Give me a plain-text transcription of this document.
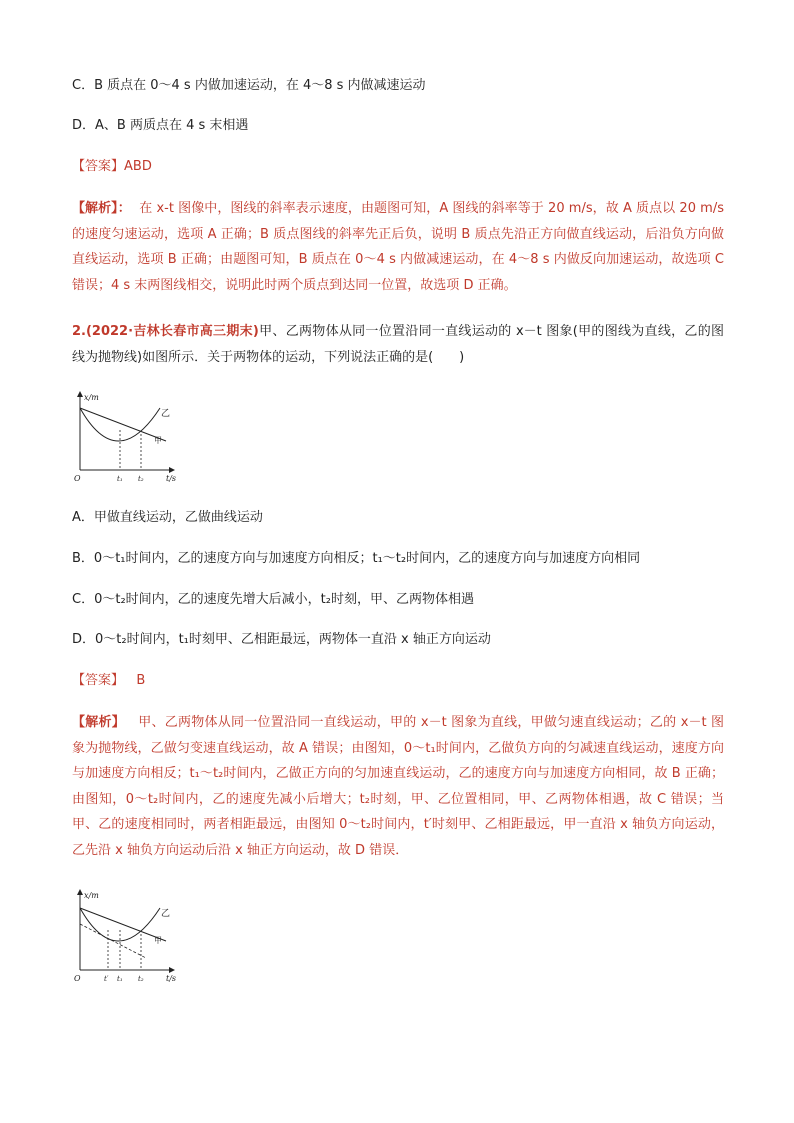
C．B 质点在 0～4 s 内做加速运动，在 4～8 s 内做减速运动
D．A、B 两质点在 4 s 末相遇
【答案】ABD
【解析】： 在 x-t 图像中，图线的斜率表示速度，由题图可知，A 图线的斜率等于 20 m/s，故 A 质点以 20 m/s 的速度匀速运动，选项 A 正确；B 质点图线的斜率先正后负，说明 B 质点先沿正方向做直线运动，后沿负方向做直线运动，选项 B 正确；由题图可知，B 质点在 0～4 s 内做减速运动，在 4～8 s 内做反向加速运动，故选项 C 错误；4 s 末两图线相交，说明此时两个质点到达同一位置，故选项 D 正确。
2.(2022·吉林长春市高三期末)甲、乙两物体从同一位置沿同一直线运动的 x－t 图象(甲的图线为直线，乙的图线为抛物线)如图所示．关于两物体的运动，下列说法正确的是(　　)
x/m
t/s
O	t₁ t₂
乙
甲
A．甲做直线运动，乙做曲线运动
B．0～t₁时间内，乙的速度方向与加速度方向相反；t₁～t₂时间内，乙的速度方向与加速度方向相同
C．0～t₂时间内，乙的速度先增大后减小，t₂时刻，甲、乙两物体相遇
D．0～t₂时间内，t₁时刻甲、乙相距最远，两物体一直沿 x 轴正方向运动
【答案】 B
【解析】 甲、乙两物体从同一位置沿同一直线运动，甲的 x－t 图象为直线，甲做匀速直线运动；乙的 x－t 图象为抛物线，乙做匀变速直线运动，故 A 错误；由图知，0～t₁时间内，乙做负方向的匀减速直线运动，速度方向与加速度方向相反；t₁～t₂时间内，乙做正方向的匀加速直线运动，乙的速度方向与加速度方向相同，故 B 正确；由图知，0～t₂时间内，乙的速度先减小后增大；t₂时刻，甲、乙位置相同，甲、乙两物体相遇，故 C 错误；当甲、乙的速度相同时，两者相距最远，由图知 0～t₂时间内，t′时刻甲、乙相距最远，甲一直沿 x 轴负方向运动，乙先沿 x 轴负方向运动后沿 x 轴正方向运动，故 D 错误．
x/m
t/s
O	t′ t₁ t₂
乙
甲
